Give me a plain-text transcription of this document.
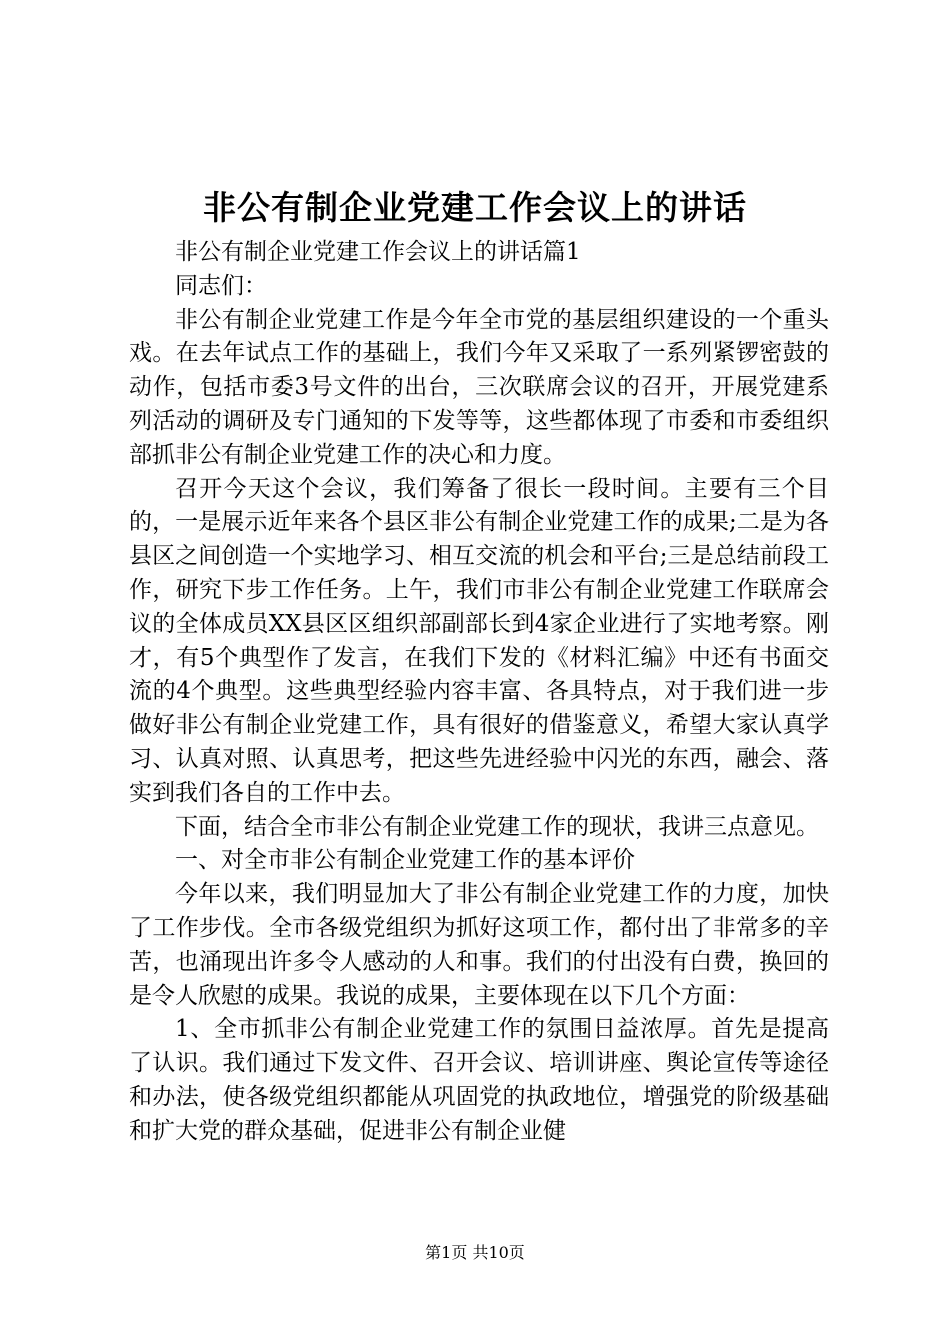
非公有制企业党建工作会议上的讲话

非公有制企业党建工作会议上的讲话篇1

同志们：

非公有制企业党建工作是今年全市党的基层组织建设的一个重头戏。在去年试点工作的基础上，我们今年又采取了一系列紧锣密鼓的动作，包括市委3号文件的出台，三次联席会议的召开，开展党建系列活动的调研及专门通知的下发等等，这些都体现了市委和市委组织部抓非公有制企业党建工作的决心和力度。

召开今天这个会议，我们筹备了很长一段时间。主要有三个目的，一是展示近年来各个县区非公有制企业党建工作的成果;二是为各县区之间创造一个实地学习、相互交流的机会和平台;三是总结前段工作，研究下步工作任务。上午，我们市非公有制企业党建工作联席会议的全体成员XX县区区组织部副部长到4家企业进行了实地考察。刚才，有5个典型作了发言，在我们下发的《材料汇编》中还有书面交流的4个典型。这些典型经验内容丰富、各具特点，对于我们进一步做好非公有制企业党建工作，具有很好的借鉴意义，希望大家认真学习、认真对照、认真思考，把这些先进经验中闪光的东西，融会、落实到我们各自的工作中去。

下面，结合全市非公有制企业党建工作的现状，我讲三点意见。

一、对全市非公有制企业党建工作的基本评价

今年以来，我们明显加大了非公有制企业党建工作的力度，加快了工作步伐。全市各级党组织为抓好这项工作，都付出了非常多的辛苦，也涌现出许多令人感动的人和事。我们的付出没有白费，换回的是令人欣慰的成果。我说的成果，主要体现在以下几个方面：

1、全市抓非公有制企业党建工作的氛围日益浓厚。首先是提高了认识。我们通过下发文件、召开会议、培训讲座、舆论宣传等途径和办法，使各级党组织都能从巩固党的执政地位，增强党的阶级基础和扩大党的群众基础，促进非公有制企业健

第1页 共10页
